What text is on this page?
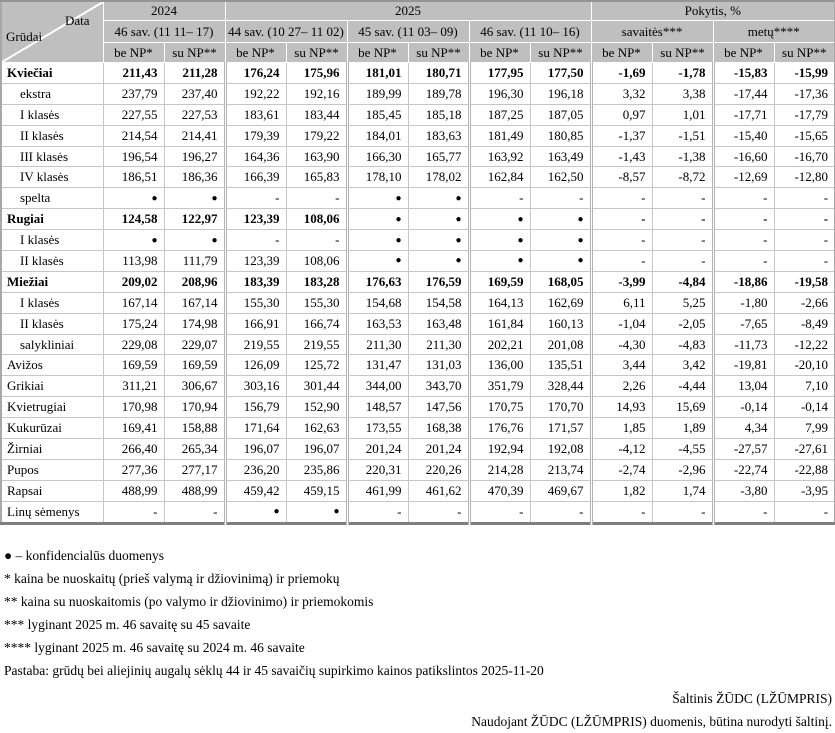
Data
Grūdai	2024		2025						Pokytis, %			
	46 sav. (11 11– 17)		44 sav. (10 27– 11 02)		45 sav. (11 03– 09)		46 sav. (11 10– 16)		savaitės***		metų****	
	be NP*	su NP**	be NP*	su NP**	be NP*	su NP**	be NP*	su NP**	be NP*	su NP**	be NP*	su NP**
Kviečiai	211,43	211,28	176,24	175,96	181,01	180,71	177,95	177,50	-1,69	-1,78	-15,83	-15,99
ekstra	237,79	237,40	192,22	192,16	189,99	189,78	196,30	196,18	3,32	3,38	-17,44	-17,36
I klasės	227,55	227,53	183,61	183,44	185,45	185,18	187,25	187,05	0,97	1,01	-17,71	-17,79
II klasės	214,54	214,41	179,39	179,22	184,01	183,63	181,49	180,85	-1,37	-1,51	-15,40	-15,65
III klasės	196,54	196,27	164,36	163,90	166,30	165,77	163,92	163,49	-1,43	-1,38	-16,60	-16,70
IV klasės	186,51	186,36	166,39	165,83	178,10	178,02	162,84	162,50	-8,57	-8,72	-12,69	-12,80
spelta	●	●	-	-	●	●	-	-	-	-	-	-
Rugiai	124,58	122,97	123,39	108,06	●	●	●	●	-	-	-	-
I klasės	●	●	-	-	●	●	●	●	-	-	-	-
II klasės	113,98	111,79	123,39	108,06	●	●	●	●	-	-	-	-
Miežiai	209,02	208,96	183,39	183,28	176,63	176,59	169,59	168,05	-3,99	-4,84	-18,86	-19,58
I klasės	167,14	167,14	155,30	155,30	154,68	154,58	164,13	162,69	6,11	5,25	-1,80	-2,66
II klasės	175,24	174,98	166,91	166,74	163,53	163,48	161,84	160,13	-1,04	-2,05	-7,65	-8,49
salykliniai	229,08	229,07	219,55	219,55	211,30	211,30	202,21	201,08	-4,30	-4,83	-11,73	-12,22
Avižos	169,59	169,59	126,09	125,72	131,47	131,03	136,00	135,51	3,44	3,42	-19,81	-20,10
Grikiai	311,21	306,67	303,16	301,44	344,00	343,70	351,79	328,44	2,26	-4,44	13,04	7,10
Kvietrugiai	170,98	170,94	156,79	152,90	148,57	147,56	170,75	170,70	14,93	15,69	-0,14	-0,14
Kukurūzai	169,41	158,88	171,64	162,63	173,55	168,38	176,76	171,57	1,85	1,89	4,34	7,99
Žirniai	266,40	265,34	196,07	196,07	201,24	201,24	192,94	192,08	-4,12	-4,55	-27,57	-27,61
Pupos	277,36	277,17	236,20	235,86	220,31	220,26	214,28	213,74	-2,74	-2,96	-22,74	-22,88
Rapsai	488,99	488,99	459,42	459,15	461,99	461,62	470,39	469,67	1,82	1,74	-3,80	-3,95
Linų sėmenys	-	-	●	●	-	-	-	-	-	-	-	-
● – konfidencialūs duomenys
* kaina be nuoskaitų (prieš valymą ir džiovinimą) ir priemokų
** kaina su nuoskaitomis (po valymo ir džiovinimo) ir priemokomis
*** lyginant 2025 m. 46 savaitę su 45 savaite
**** lyginant 2025 m. 46 savaitę su 2024 m. 46 savaite
Pastaba: grūdų bei aliejinių augalų sėklų 44 ir 45 savaičių supirkimo kainos patikslintos 2025-11-20
Šaltinis ŽŪDC (LŽŪMPRIS)
Naudojant ŽŪDC (LŽŪMPRIS) duomenis, būtina nurodyti šaltinį.
